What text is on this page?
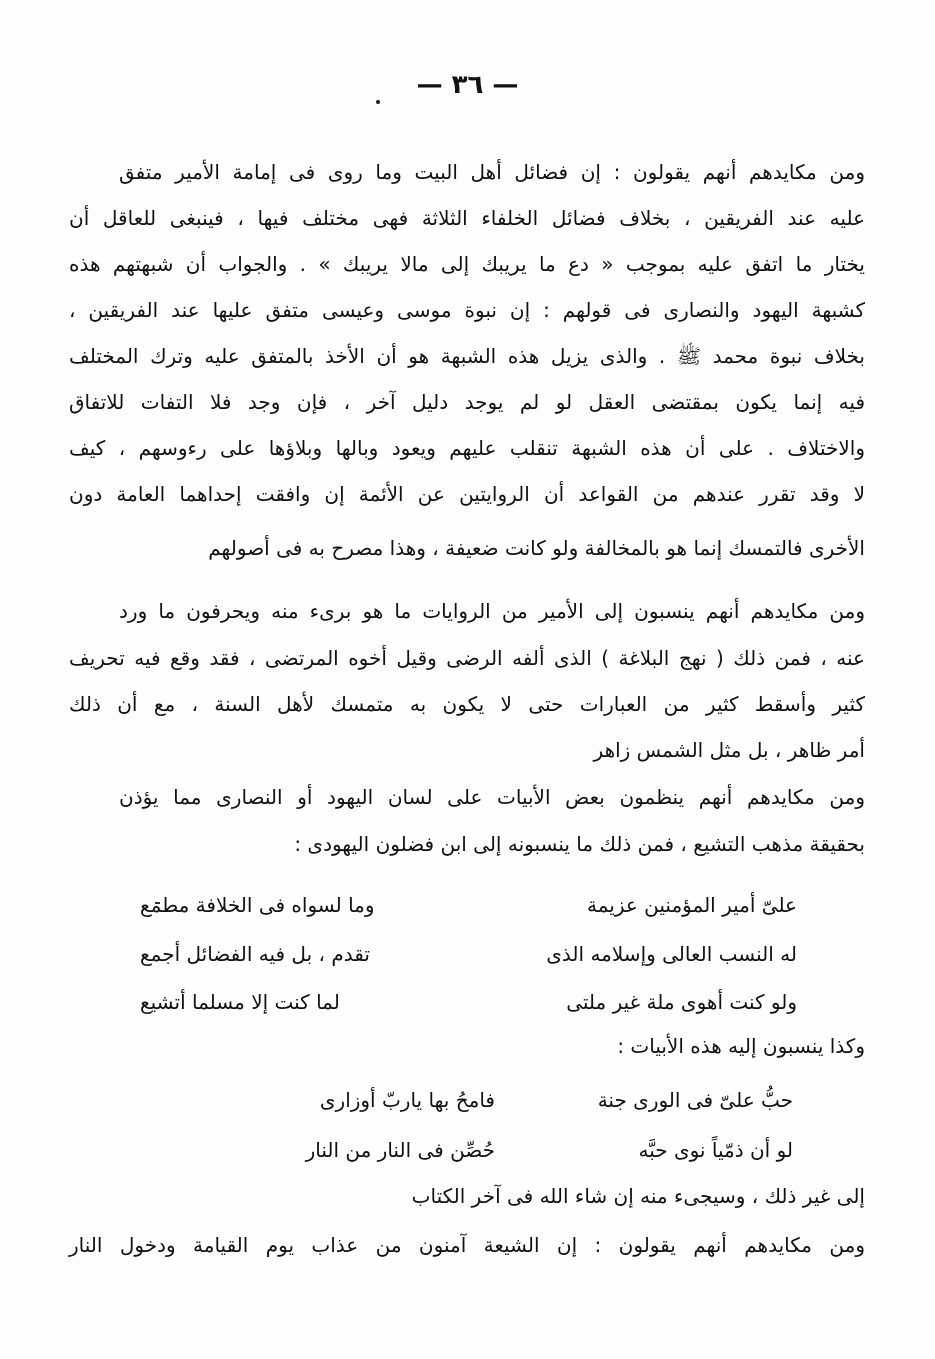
— ٣٦ —
ومن مكايدهم أنهم يقولون : إن فضائل أهل البيت وما روى فى إمامة الأمير متفق
عليه عند الفريقين ، بخلاف فضائل الخلفاء الثلاثة فهى مختلف فيها ، فينبغى للعاقل أن
يختار ما اتفق عليه بموجب « دع ما يريبك إلى مالا يريبك » . والجواب أن شبهتهم هذه
كشبهة اليهود والنصارى فى قولهم : إن نبوة موسى وعيسى متفق عليها عند الفريقين ،
بخلاف نبوة محمد ﷺ . والذى يزيل هذه الشبهة هو أن الأخذ بالمتفق عليه وترك المختلف
فيه إنما يكون بمقتضى العقل لو لم يوجد دليل آخر ، فإن وجد فلا التفات للاتفاق
والاختلاف . على أن هذه الشبهة تنقلب عليهم ويعود وبالها وبلاؤها على رءوسهم ، كيف
لا وقد تقرر عندهم من القواعد أن الروايتين عن الأئمة إن وافقت إحداهما العامة دون
الأخرى فالتمسك إنما هو بالمخالفة ولو كانت ضعيفة ، وهذا مصرح به فى أصولهم
ومن مكايدهم أنهم ينسبون إلى الأمير من الروايات ما هو برىء منه ويحرفون ما ورد
عنه ، فمن ذلك ( نهج البلاغة ) الذى ألفه الرضى وقيل أخوه المرتضى ، فقد وقع فيه تحريف
كثير وأسقط كثير من العبارات حتى لا يكون به متمسك لأهل السنة ، مع أن ذلك
أمر ظاهر ، بل مثل الشمس زاهر
ومن مكايدهم أنهم ينظمون بعض الأبيات على لسان اليهود أو النصارى مما يؤذن
بحقيقة مذهب التشيع ، فمن ذلك ما ينسبونه إلى ابن فضلون اليهودى :
علىّ أمير المؤمنين عزيمة
وما لسواه فى الخلافة مطمع
له النسب العالى وإسلامه الذى
تقدم ، بل فيه الفضائل أجمع
ولو كنت أهوى ملة غير ملتى
لما كنت إلا مسلما أتشيع
وكذا ينسبون إليه هذه الأبيات :
حبُّ علىّ فى الورى جنة
فامحُ بها ياربّ أوزارى
لو أن ذمّياً نوى حبَّه
حُصِّن فى النار من النار
إلى غير ذلك ، وسيجىء منه إن شاء الله فى آخر الكتاب
ومن مكايدهم أنهم يقولون : إن الشيعة آمنون من عذاب يوم القيامة ودخول النار
